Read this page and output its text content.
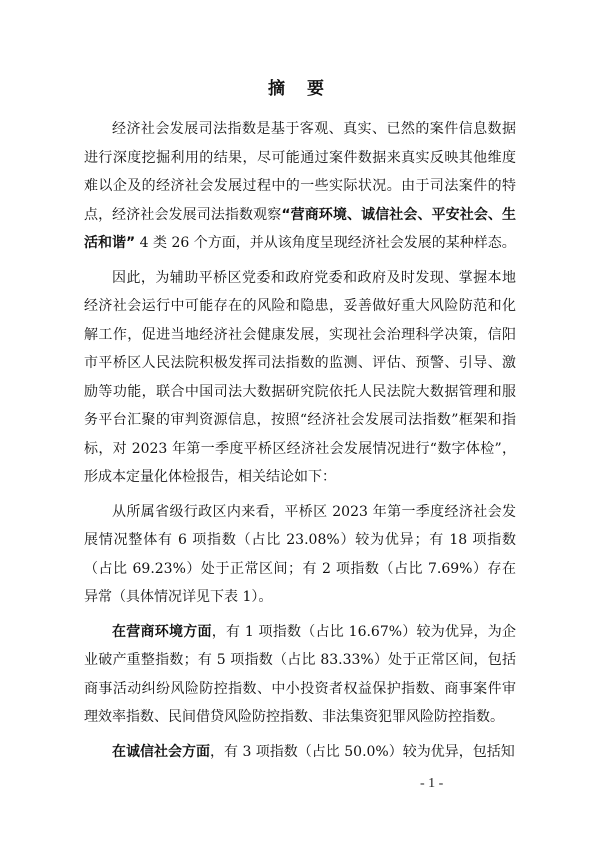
摘 要

经济社会发展司法指数是基于客观、真实、已然的案件信息数据进行深度挖掘利用的结果，尽可能通过案件数据来真实反映其他维度难以企及的经济社会发展过程中的一些实际状况。由于司法案件的特点，经济社会发展司法指数观察“营商环境、诚信社会、平安社会、生活和谐” 4 类 26 个方面，并从该角度呈现经济社会发展的某种样态。

因此，为辅助平桥区党委和政府党委和政府及时发现、掌握本地经济社会运行中可能存在的风险和隐患，妥善做好重大风险防范和化解工作，促进当地经济社会健康发展，实现社会治理科学决策，信阳市平桥区人民法院积极发挥司法指数的监测、评估、预警、引导、激励等功能，联合中国司法大数据研究院依托人民法院大数据管理和服务平台汇聚的审判资源信息，按照“经济社会发展司法指数”框架和指标，对 2023 年第一季度平桥区经济社会发展情况进行“数字体检”，形成本定量化体检报告，相关结论如下：

从所属省级行政区内来看，平桥区 2023 年第一季度经济社会发展情况整体有 6 项指数（占比 23.08%）较为优异；有 18 项指数（占比 69.23%）处于正常区间；有 2 项指数（占比 7.69%）存在异常（具体情况详见下表 1）。

在营商环境方面，有 1 项指数（占比 16.67%）较为优异，为企业破产重整指数；有 5 项指数（占比 83.33%）处于正常区间，包括商事活动纠纷风险防控指数、中小投资者权益保护指数、商事案件审理效率指数、民间借贷风险防控指数、非法集资犯罪风险防控指数。

在诚信社会方面，有 3 项指数（占比 50.0%）较为优异，包括知

- 1 -
